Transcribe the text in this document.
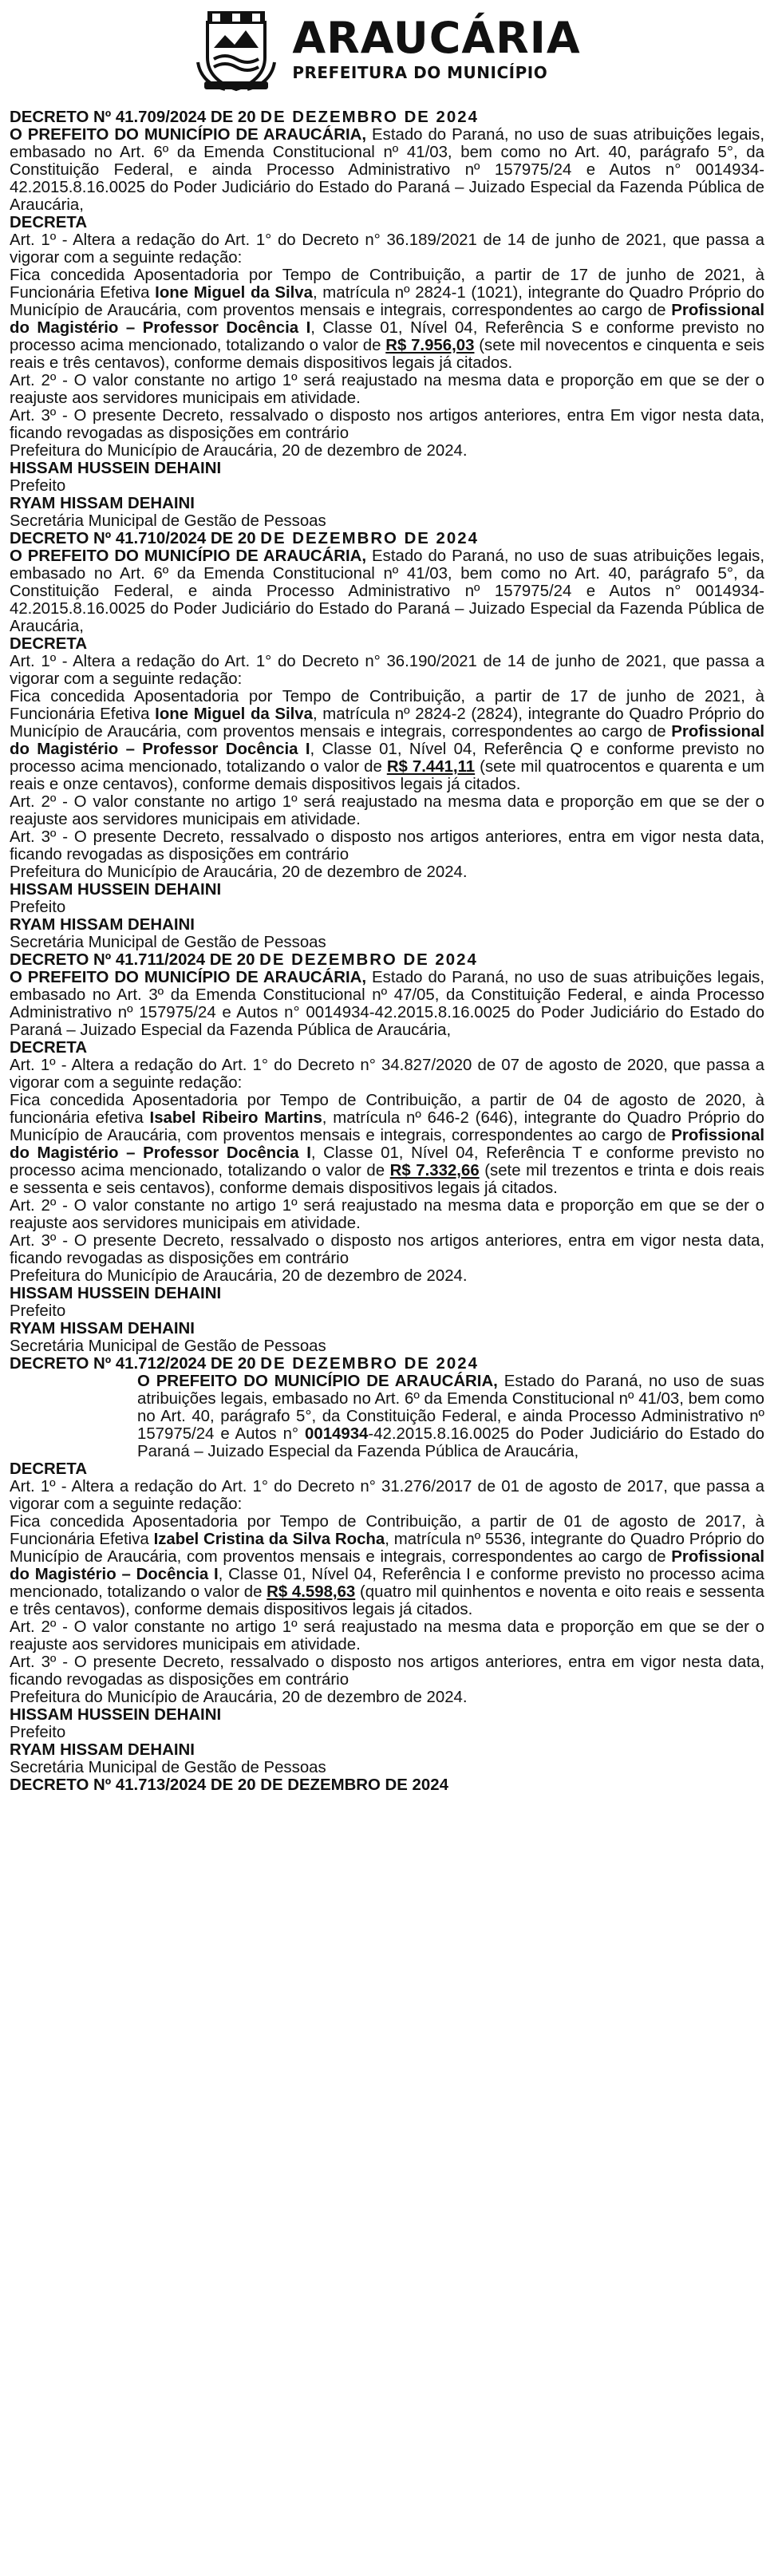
ARAUCÁRIA
PREFEITURA DO MUNICÍPIO

DECRETO Nº 41.709/2024 DE 20 DE DEZEMBRO DE 2024

O PREFEITO DO MUNICÍPIO DE ARAUCÁRIA, Estado do Paraná, no uso de suas atribuições legais, embasado no Art. 6º da Emenda Constitucional nº 41/03, bem como no Art. 40, parágrafo 5°, da Constituição Federal, e ainda Processo Administrativo nº 157975/24 e Autos n° 0014934-42.2015.8.16.0025 do Poder Judiciário do Estado do Paraná – Juizado Especial da Fazenda Pública de Araucária,

DECRETA

Art. 1º - Altera a redação do Art. 1° do Decreto n° 36.189/2021 de 14 de junho de 2021, que passa a vigorar com a seguinte redação:

Fica concedida Aposentadoria por Tempo de Contribuição, a partir de 17 de junho de 2021, à Funcionária Efetiva Ione Miguel da Silva, matrícula nº 2824-1 (1021), integrante do Quadro Próprio do Município de Araucária, com proventos mensais e integrais, correspondentes ao cargo de Profissional do Magistério – Professor Docência I, Classe 01, Nível 04, Referência S e conforme previsto no processo acima mencionado, totalizando o valor de R$ 7.956,03 (sete mil novecentos e cinquenta e seis reais e três centavos), conforme demais dispositivos legais já citados.

Art. 2º - O valor constante no artigo 1º será reajustado na mesma data e proporção em que se der o reajuste aos servidores municipais em atividade.

Art. 3º - O presente Decreto, ressalvado o disposto nos artigos anteriores, entra Em vigor nesta data, ficando revogadas as disposições em contrário

Prefeitura do Município de Araucária, 20 de dezembro de 2024.

HISSAM HUSSEIN DEHAINI

Prefeito

RYAM HISSAM DEHAINI

Secretária Municipal de Gestão de Pessoas

DECRETO Nº 41.710/2024 DE 20 DE DEZEMBRO DE 2024

O PREFEITO DO MUNICÍPIO DE ARAUCÁRIA, Estado do Paraná, no uso de suas atribuições legais, embasado no Art. 6º da Emenda Constitucional nº 41/03, bem como no Art. 40, parágrafo 5°, da Constituição Federal, e ainda Processo Administrativo nº 157975/24 e Autos n° 0014934-42.2015.8.16.0025 do Poder Judiciário do Estado do Paraná – Juizado Especial da Fazenda Pública de Araucária,

DECRETA

Art. 1º - Altera a redação do Art. 1° do Decreto n° 36.190/2021 de 14 de junho de 2021, que passa a vigorar com a seguinte redação:

Fica concedida Aposentadoria por Tempo de Contribuição, a partir de 17 de junho de 2021, à Funcionária Efetiva Ione Miguel da Silva, matrícula nº 2824-2 (2824), integrante do Quadro Próprio do Município de Araucária, com proventos mensais e integrais, correspondentes ao cargo de Profissional do Magistério – Professor Docência I, Classe 01, Nível 04, Referência Q e conforme previsto no processo acima mencionado, totalizando o valor de R$ 7.441,11 (sete mil quatrocentos e quarenta e um reais e onze centavos), conforme demais dispositivos legais já citados.

Art. 2º - O valor constante no artigo 1º será reajustado na mesma data e proporção em que se der o reajuste aos servidores municipais em atividade.

Art. 3º - O presente Decreto, ressalvado o disposto nos artigos anteriores, entra em vigor nesta data, ficando revogadas as disposições em contrário

Prefeitura do Município de Araucária, 20 de dezembro de 2024.

HISSAM HUSSEIN DEHAINI

Prefeito

RYAM HISSAM DEHAINI

Secretária Municipal de Gestão de Pessoas

DECRETO Nº 41.711/2024 DE 20 DE DEZEMBRO DE 2024

O PREFEITO DO MUNICÍPIO DE ARAUCÁRIA, Estado do Paraná, no uso de suas atribuições legais, embasado no Art. 3º da Emenda Constitucional nº 47/05, da Constituição Federal, e ainda Processo Administrativo nº 157975/24 e Autos n° 0014934-42.2015.8.16.0025 do Poder Judiciário do Estado do Paraná – Juizado Especial da Fazenda Pública de Araucária,

DECRETA

Art. 1º - Altera a redação do Art. 1° do Decreto n° 34.827/2020 de 07 de agosto de 2020, que passa a vigorar com a seguinte redação:

Fica concedida Aposentadoria por Tempo de Contribuição, a partir de 04 de agosto de 2020, à funcionária efetiva Isabel Ribeiro Martins, matrícula nº 646-2 (646), integrante do Quadro Próprio do Município de Araucária, com proventos mensais e integrais, correspondentes ao cargo de Profissional do Magistério – Professor Docência I, Classe 01, Nível 04, Referência T e conforme previsto no processo acima mencionado, totalizando o valor de R$ 7.332,66 (sete mil trezentos e trinta e dois reais e sessenta e seis centavos), conforme demais dispositivos legais já citados.

Art. 2º - O valor constante no artigo 1º será reajustado na mesma data e proporção em que se der o reajuste aos servidores municipais em atividade.

Art. 3º - O presente Decreto, ressalvado o disposto nos artigos anteriores, entra em vigor nesta data, ficando revogadas as disposições em contrário

Prefeitura do Município de Araucária, 20 de dezembro de 2024.

HISSAM HUSSEIN DEHAINI

Prefeito

RYAM HISSAM DEHAINI

Secretária Municipal de Gestão de Pessoas

DECRETO Nº 41.712/2024 DE 20 DE DEZEMBRO DE 2024

O PREFEITO DO MUNICÍPIO DE ARAUCÁRIA, Estado do Paraná, no uso de suas atribuições legais, embasado no Art. 6º da Emenda Constitucional nº 41/03, bem como no Art. 40, parágrafo 5°, da Constituição Federal, e ainda Processo Administrativo nº 157975/24 e Autos n° 0014934-42.2015.8.16.0025 do Poder Judiciário do Estado do Paraná – Juizado Especial da Fazenda Pública de Araucária,

DECRETA

Art. 1º - Altera a redação do Art. 1° do Decreto n° 31.276/2017 de 01 de agosto de 2017, que passa a vigorar com a seguinte redação:

Fica concedida Aposentadoria por Tempo de Contribuição, a partir de 01 de agosto de 2017, à Funcionária Efetiva Izabel Cristina da Silva Rocha, matrícula nº 5536, integrante do Quadro Próprio do Município de Araucária, com proventos mensais e integrais, correspondentes ao cargo de Profissional do Magistério – Docência I, Classe 01, Nível 04, Referência I e conforme previsto no processo acima mencionado, totalizando o valor de R$ 4.598,63 (quatro mil quinhentos e noventa e oito reais e sessenta e três centavos), conforme demais dispositivos legais já citados.

Art. 2º - O valor constante no artigo 1º será reajustado na mesma data e proporção em que se der o reajuste aos servidores municipais em atividade.

Art. 3º - O presente Decreto, ressalvado o disposto nos artigos anteriores, entra em vigor nesta data, ficando revogadas as disposições em contrário

Prefeitura do Município de Araucária, 20 de dezembro de 2024.

HISSAM HUSSEIN DEHAINI

Prefeito

RYAM HISSAM DEHAINI

Secretária Municipal de Gestão de Pessoas

DECRETO Nº 41.713/2024 DE 20 DE DEZEMBRO DE 2024
